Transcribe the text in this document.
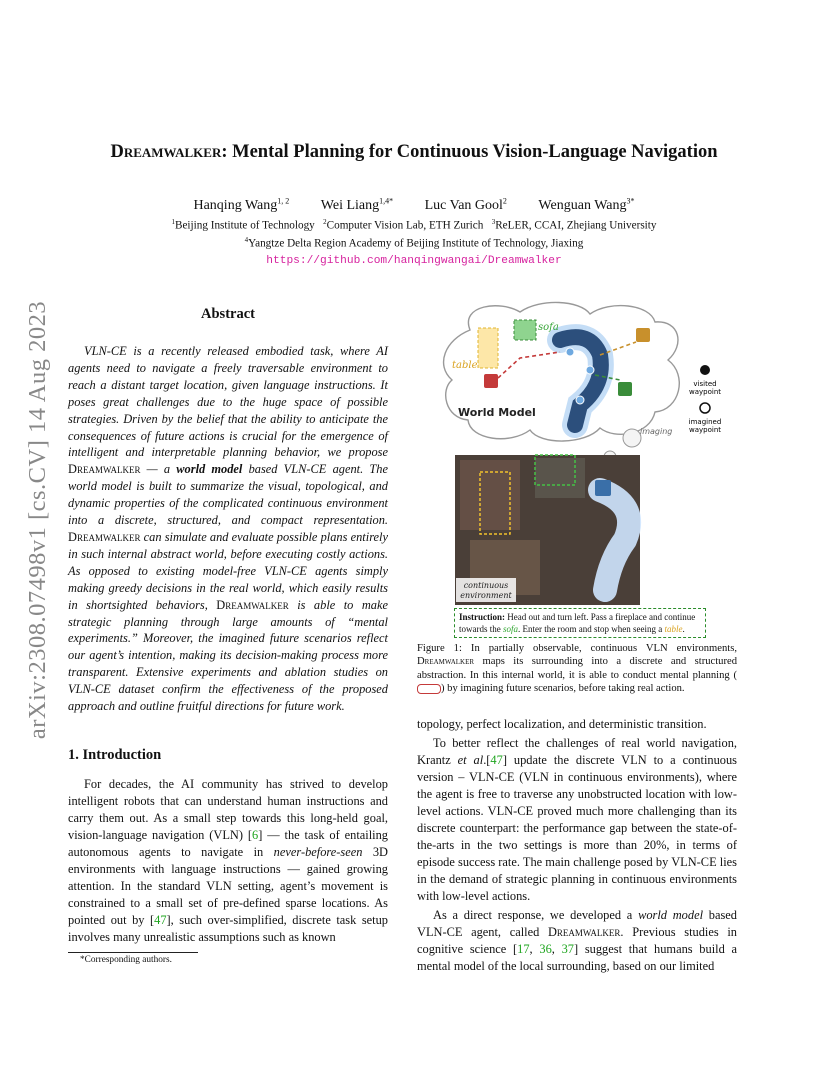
arXiv:2308.07498v1 [cs.CV] 14 Aug 2023
Dreamwalker: Mental Planning for Continuous Vision-Language Navigation
Hanqing Wang$^{1, 2}$ Wei Liang$^{1,4*}$ Luc Van Gool$^2$ Wenguan Wang$^{3*}$
$^1$Beijing Institute of Technology $^2$Computer Vision Lab, ETH Zurich $^3$ReLER, CCAI, Zhejiang University
$^4$Yangtze Delta Region Academy of Beijing Institute of Technology, Jiaxing
https://github.com/hanqingwangai/Dreamwalker
Abstract
VLN-CE is a recently released embodied task, where AI agents need to navigate a freely traversable environment to reach a distant target location, given language instructions. It poses great challenges due to the huge space of possible strategies. Driven by the belief that the ability to anticipate the consequences of future actions is crucial for the emergence of intelligent and interpretable planning behavior, we propose Dreamwalker — a world model based VLN-CE agent. The world model is built to summarize the visual, topological, and dynamic properties of the complicated continuous environment into a discrete, structured, and compact representation. Dreamwalker can simulate and evaluate possible plans entirely in such internal abstract world, before executing costly actions. As opposed to existing model-free VLN-CE agents simply making greedy decisions in the real world, which easily results in shortsighted behaviors, Dreamwalker is able to make strategic planning through large amounts of “mental experiments.” Moreover, the imagined future scenarios reflect our agent’s intention, making its decision-making process more transparent. Extensive experiments and ablation studies on VLN-CE dataset confirm the effectiveness of the proposed approach and outline fruitful directions for future work.
1. Introduction
For decades, the AI community has strived to develop intelligent robots that can understand human instructions and carry them out. As a small step towards this long-held goal, vision-language navigation (VLN) [6] — the task of entailing autonomous agents to navigate in never-before-seen 3D environments with language instructions — gained growing attention. In the standard VLN setting, agent’s movement is constrained to a small set of pre-defined sparse locations. As pointed out by [47], such over-simplified, discrete task setup involves many unrealistic assumptions such as known
*Corresponding authors.
sofa
table
World Model
imaging
visited
waypoint
imagined
waypoint
continuous
environment
Instruction: Head out and turn left. Pass a fireplace and continue towards the sofa. Enter the room and stop when seeing a table.
Figure 1: In partially observable, continuous VLN environments, Dreamwalker maps its surrounding into a discrete and structured abstraction. In this internal world, it is able to conduct mental planning () by imagining future scenarios, before taking real action.
topology, perfect localization, and deterministic transition.
To better reflect the challenges of real world navigation, Krantz et al.[47] update the discrete VLN to a continuous version – VLN-CE (VLN in continuous environments), where the agent is free to traverse any unobstructed location with low-level actions. VLN-CE proved much more challenging than its discrete counterpart: the performance gap between the state-of-the-arts in the two settings is more than 20%, in terms of episode success rate. The main challenge posed by VLN-CE lies in the demand of strategic planning in continuous environments with low-level actions.
As a direct response, we developed a world model based VLN-CE agent, called Dreamwalker. Previous studies in cognitive science [17, 36, 37] suggest that humans build a mental model of the local surrounding, based on our limited
